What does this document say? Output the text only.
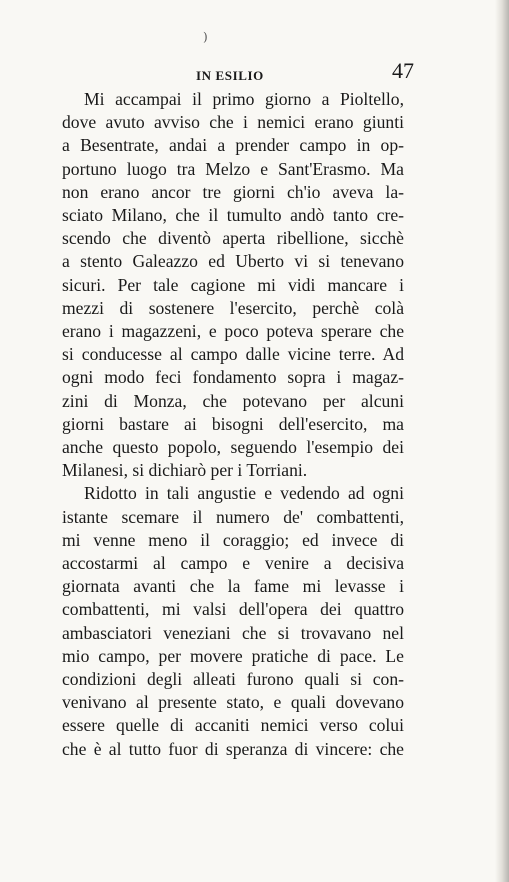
)
IN ESILIO	47

Mi accampai il primo giorno a Pioltello,
dove avuto avviso che i nemici erano giunti
a Besentrate, andai a prender campo in op-
portuno luogo tra Melzo e Sant'Erasmo. Ma
non erano ancor tre giorni ch'io aveva la-
sciato Milano, che il tumulto andò tanto cre-
scendo che diventò aperta ribellione, sicchè
a stento Galeazzo ed Uberto vi si tenevano
sicuri. Per tale cagione mi vidi mancare i
mezzi di sostenere l'esercito, perchè colà
erano i magazzeni, e poco poteva sperare che
si conducesse al campo dalle vicine terre. Ad
ogni modo feci fondamento sopra i magaz-
zini di Monza, che potevano per alcuni
giorni bastare ai bisogni dell'esercito, ma
anche questo popolo, seguendo l'esempio dei
Milanesi, si dichiarò per i Torriani.

Ridotto in tali angustie e vedendo ad ogni
istante scemare il numero de' combattenti,
mi venne meno il coraggio; ed invece di
accostarmi al campo e venire a decisiva
giornata avanti che la fame mi levasse i
combattenti, mi valsi dell'opera dei quattro
ambasciatori veneziani che si trovavano nel
mio campo, per movere pratiche di pace. Le
condizioni degli alleati furono quali si con-
venivano al presente stato, e quali dovevano
essere quelle di accaniti nemici verso colui
che è al tutto fuor di speranza di vincere: che
